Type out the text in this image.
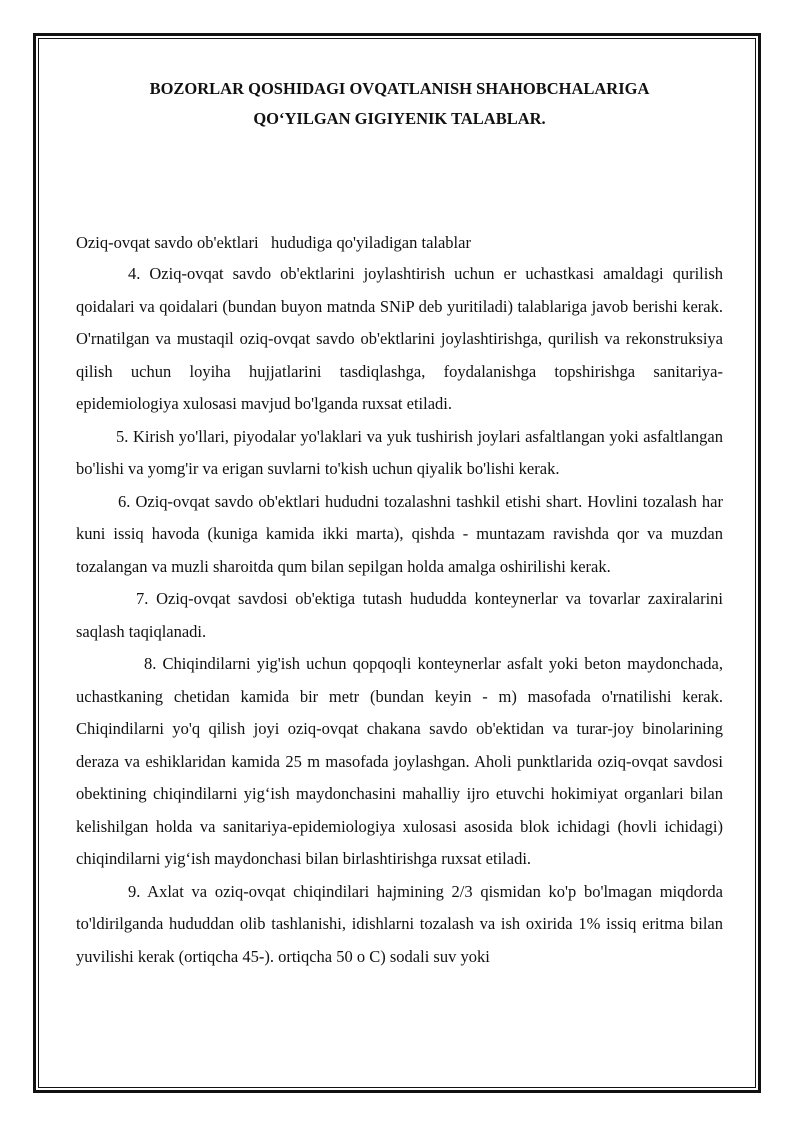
BOZORLAR QOSHIDAGI OVQATLANISH SHAHOBCHALARIGA
QO‘YILGAN GIGIYENIK TALABLAR.

Oziq-ovqat savdo ob'ektlari   hududiga qo'yiladigan talablar

4. Oziq-ovqat savdo ob'ektlarini joylashtirish uchun er uchastkasi amaldagi qurilish qoidalari va qoidalari (bundan buyon matnda SNiP deb yuritiladi) talablariga javob berishi kerak. O'rnatilgan va mustaqil oziq-ovqat savdo ob'ektlarini joylashtirishga, qurilish va rekonstruksiya qilish uchun loyiha hujjatlarini tasdiqlashga, foydalanishga topshirishga sanitariya-epidemiologiya xulosasi mavjud bo'lganda ruxsat etiladi.

5. Kirish yo'llari, piyodalar yo'laklari va yuk tushirish joylari asfaltlangan yoki asfaltlangan bo'lishi va yomg'ir va erigan suvlarni to'kish uchun qiyalik bo'lishi kerak.

6. Oziq-ovqat savdo ob'ektlari hududni tozalashni tashkil etishi shart. Hovlini tozalash har kuni issiq havoda (kuniga kamida ikki marta), qishda - muntazam ravishda qor va muzdan tozalangan va muzli sharoitda qum bilan sepilgan holda amalga oshirilishi kerak.

7. Oziq-ovqat savdosi ob'ektiga tutash hududda konteynerlar va tovarlar zaxiralarini saqlash taqiqlanadi.

8. Chiqindilarni yig'ish uchun qopqoqli konteynerlar asfalt yoki beton maydonchada, uchastkaning chetidan kamida bir metr (bundan keyin - m) masofada o'rnatilishi kerak. Chiqindilarni yo'q qilish joyi oziq-ovqat chakana savdo ob'ektidan va turar-joy binolarining deraza va eshiklaridan kamida 25 m masofada joylashgan. Aholi punktlarida oziq-ovqat savdosi obektining chiqindilarni yig‘ish maydonchasini mahalliy ijro etuvchi hokimiyat organlari bilan kelishilgan holda va sanitariya-epidemiologiya xulosasi asosida blok ichidagi (hovli ichidagi) chiqindilarni yig‘ish maydonchasi bilan birlashtirishga ruxsat etiladi.

9. Axlat va oziq-ovqat chiqindilari hajmining 2/3 qismidan ko'p bo'lmagan miqdorda to'ldirilganda hududdan olib tashlanishi, idishlarni tozalash va ish oxirida 1% issiq eritma bilan yuvilishi kerak (ortiqcha 45-). ortiqcha 50 o C) sodali suv yoki
